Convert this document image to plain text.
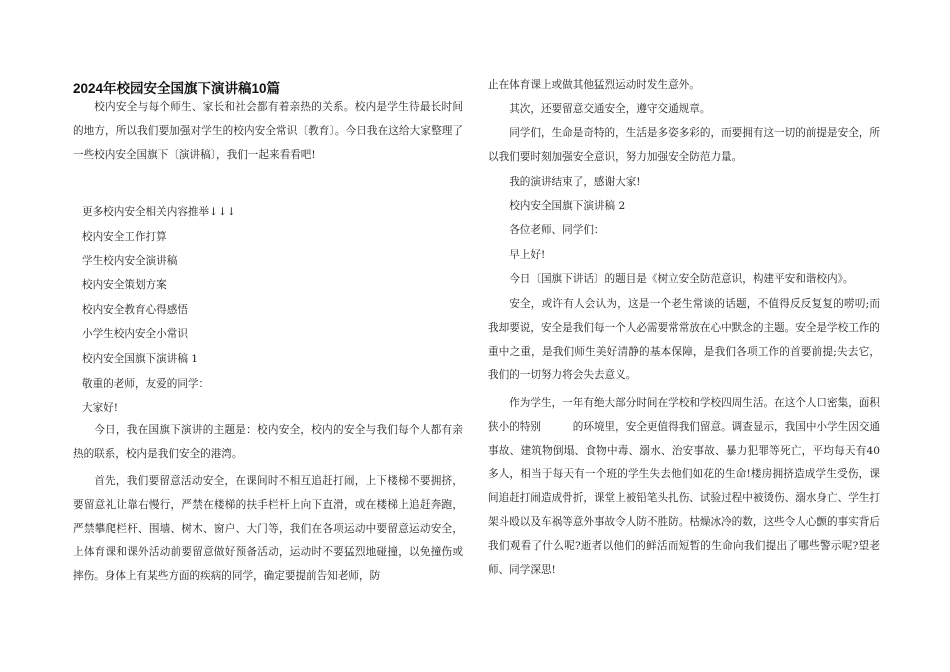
2024年校园安全国旗下演讲稿10篇

校内安全与每个师生、家长和社会都有着亲热的关系。校内是学生待最长时间的地方，所以我们要加强对学生的校内安全常识〔教育〕。今日我在这给大家整理了一些校内安全国旗下〔演讲稿〕，我们一起来看看吧!

更多校内安全相关内容推举↓↓↓
校内安全工作打算
学生校内安全演讲稿
校内安全策划方案
校内安全教育心得感悟
小学生校内安全小常识
校内安全国旗下演讲稿 1
敬重的老师，友爱的同学：
大家好!

今日，我在国旗下演讲的主题是：校内安全，校内的安全与我们每个人都有亲热的联系，校内是我们安全的港湾。

首先，我们要留意活动安全，在课间时不相互追赶打闹，上下楼梯不要拥挤，要留意礼让靠右慢行，严禁在楼梯的扶手栏杆上向下直滑，或在楼梯上追赶奔跑，严禁攀爬栏杆、围墙、树木、窗户、大门等，我们在各项运动中要留意运动安全，上体育课和课外活动前要留意做好预备活动，运动时不要猛烈地碰撞，以免撞伤或摔伤。身体上有某些方面的疾病的同学，确定要提前告知老师，防

止在体育课上或做其他猛烈运动时发生意外。

其次，还要留意交通安全，遵守交通规章。

同学们，生命是奇特的，生活是多姿多彩的，而要拥有这一切的前提是安全，所以我们要时刻加强安全意识，努力加强安全防范力量。

我的演讲结束了，感谢大家!

校内安全国旗下演讲稿 2

各位老师、同学们：

早上好!

今日〔国旗下讲话〕的题目是《树立安全防范意识，构建平安和谐校内》。

安全，或许有人会认为，这是一个老生常谈的话题，不值得反反复复的唠叨;而我却要说，安全是我们每一个人必需要常常放在心中默念的主题。安全是学校工作的重中之重，是我们师生美好清静的基本保障，是我们各项工作的首要前提;失去它，我们的一切努力将会失去意义。

作为学生，一年有绝大部分时间在学校和学校四周生活。在这个人口密集，面积狭小的特别　　　的环境里，安全更值得我们留意。调查显示，我国中小学生因交通事故、建筑物倒塌、食物中毒、溺水、治安事故、暴力犯罪等死亡，平均每天有40多人，相当于每天有一个班的学生失去他们如花的生命!楼房拥挤造成学生受伤，课间追赶打闹造成骨折，课堂上被铅笔头扎伤、试验过程中被烫伤、溺水身亡、学生打架斗殴以及车祸等意外事故令人防不胜防。枯燥冰冷的数，这些令人心颤的事实背后我们观看了什么呢?逝者以他们的鲜活而短暂的生命向我们提出了哪些警示呢?望老师、同学深思!
